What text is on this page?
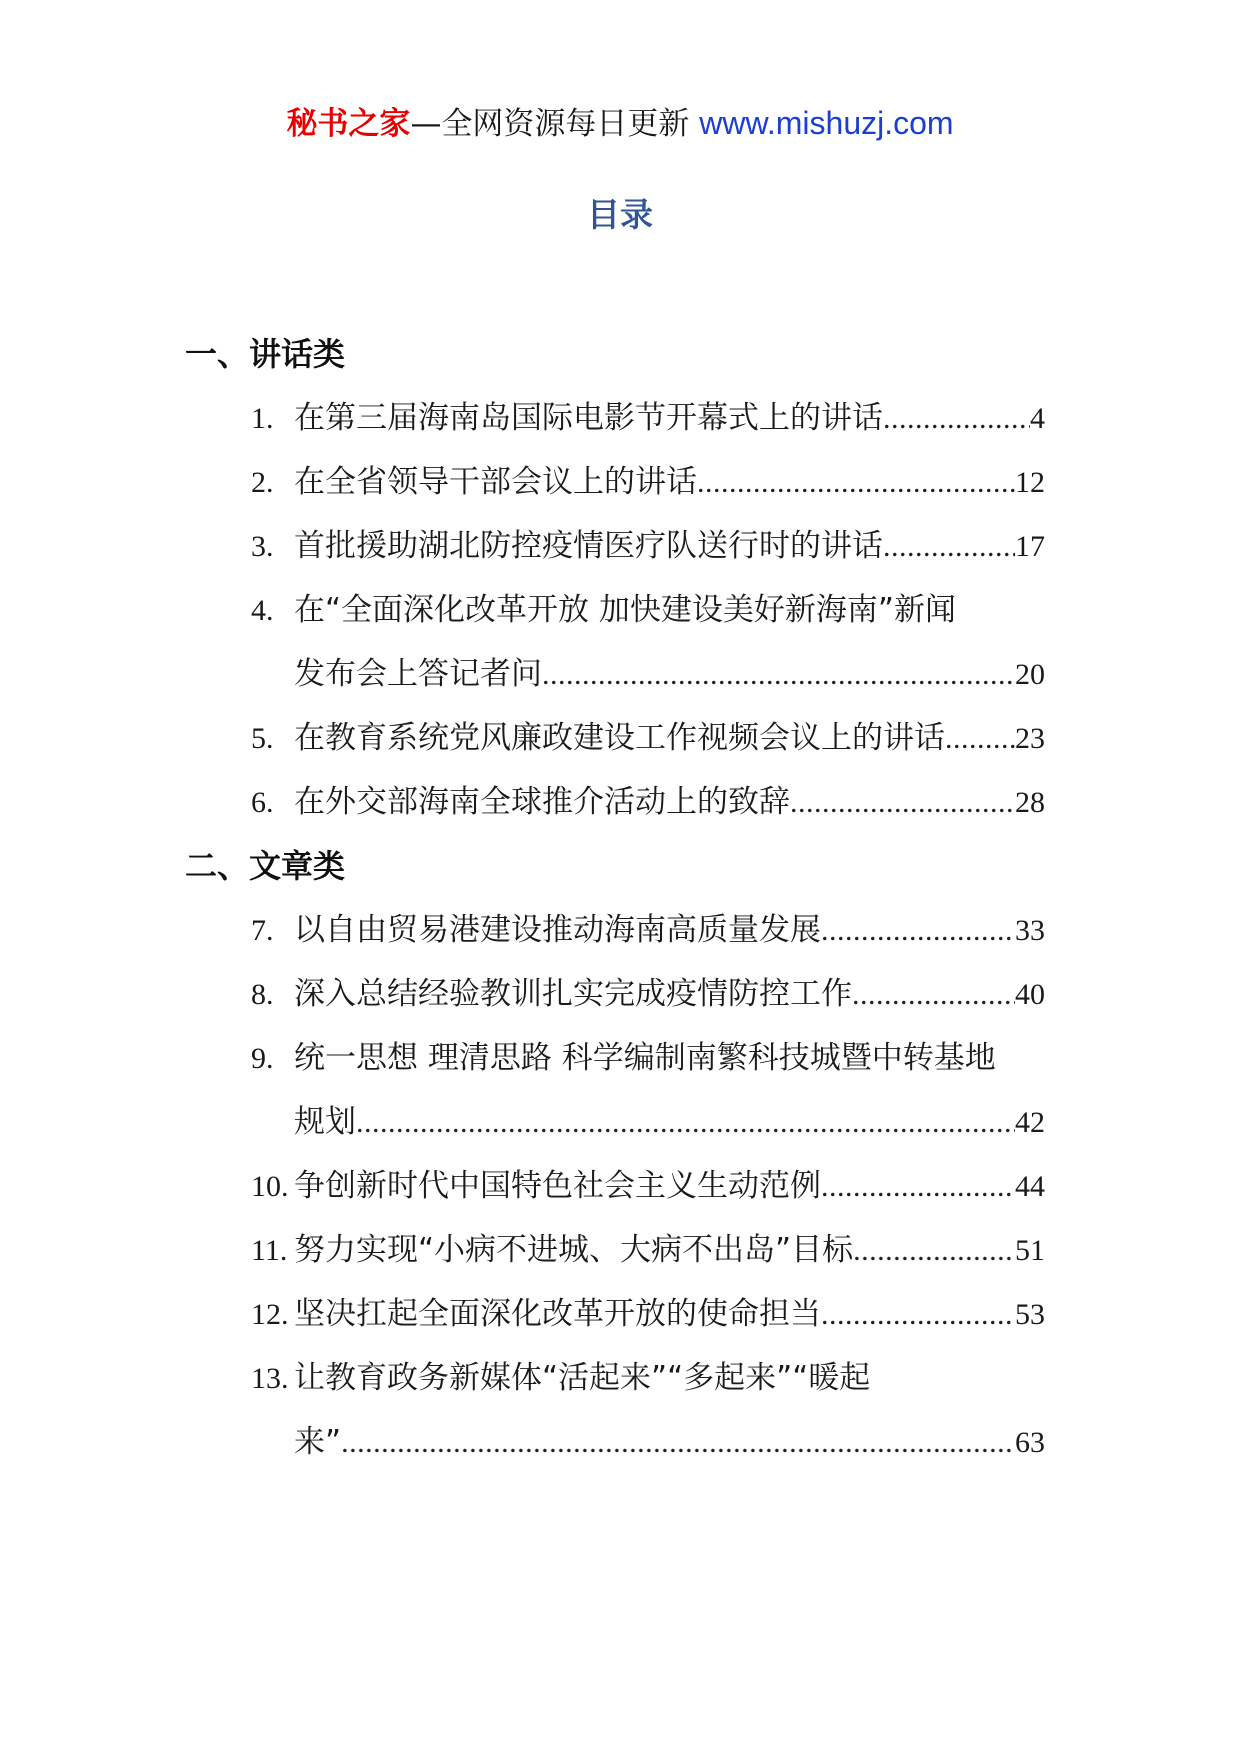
秘书之家—全网资源每日更新 www.mishuzj.com
目录
一、讲话类
1. 在第三届海南岛国际电影节开幕式上的讲话 .....	4
2. 在全省领导干部会议上的讲话 .....	12
3. 首批援助湖北防控疫情医疗队送行时的讲话 .....	17
4. 在“全面深化改革开放 加快建设美好新海南”新闻
发布会上答记者问 .....	20
5. 在教育系统党风廉政建设工作视频会议上的讲话 ..... 23
6. 在外交部海南全球推介活动上的致辞 .....	28
二、文章类
7. 以自由贸易港建设推动海南高质量发展 .....	33
8. 深入总结经验教训扎实完成疫情防控工作 .....	40
9. 统一思想 理清思路 科学编制南繁科技城暨中转基地
规划 .....	42
10. 争创新时代中国特色社会主义生动范例 .....	44
11. 努力实现“小病不进城、大病不出岛”目标 .....	51
12. 坚决扛起全面深化改革开放的使命担当 .....	53
13. 让教育政务新媒体“活起来”“多起来”“暖起
来” .....	63
